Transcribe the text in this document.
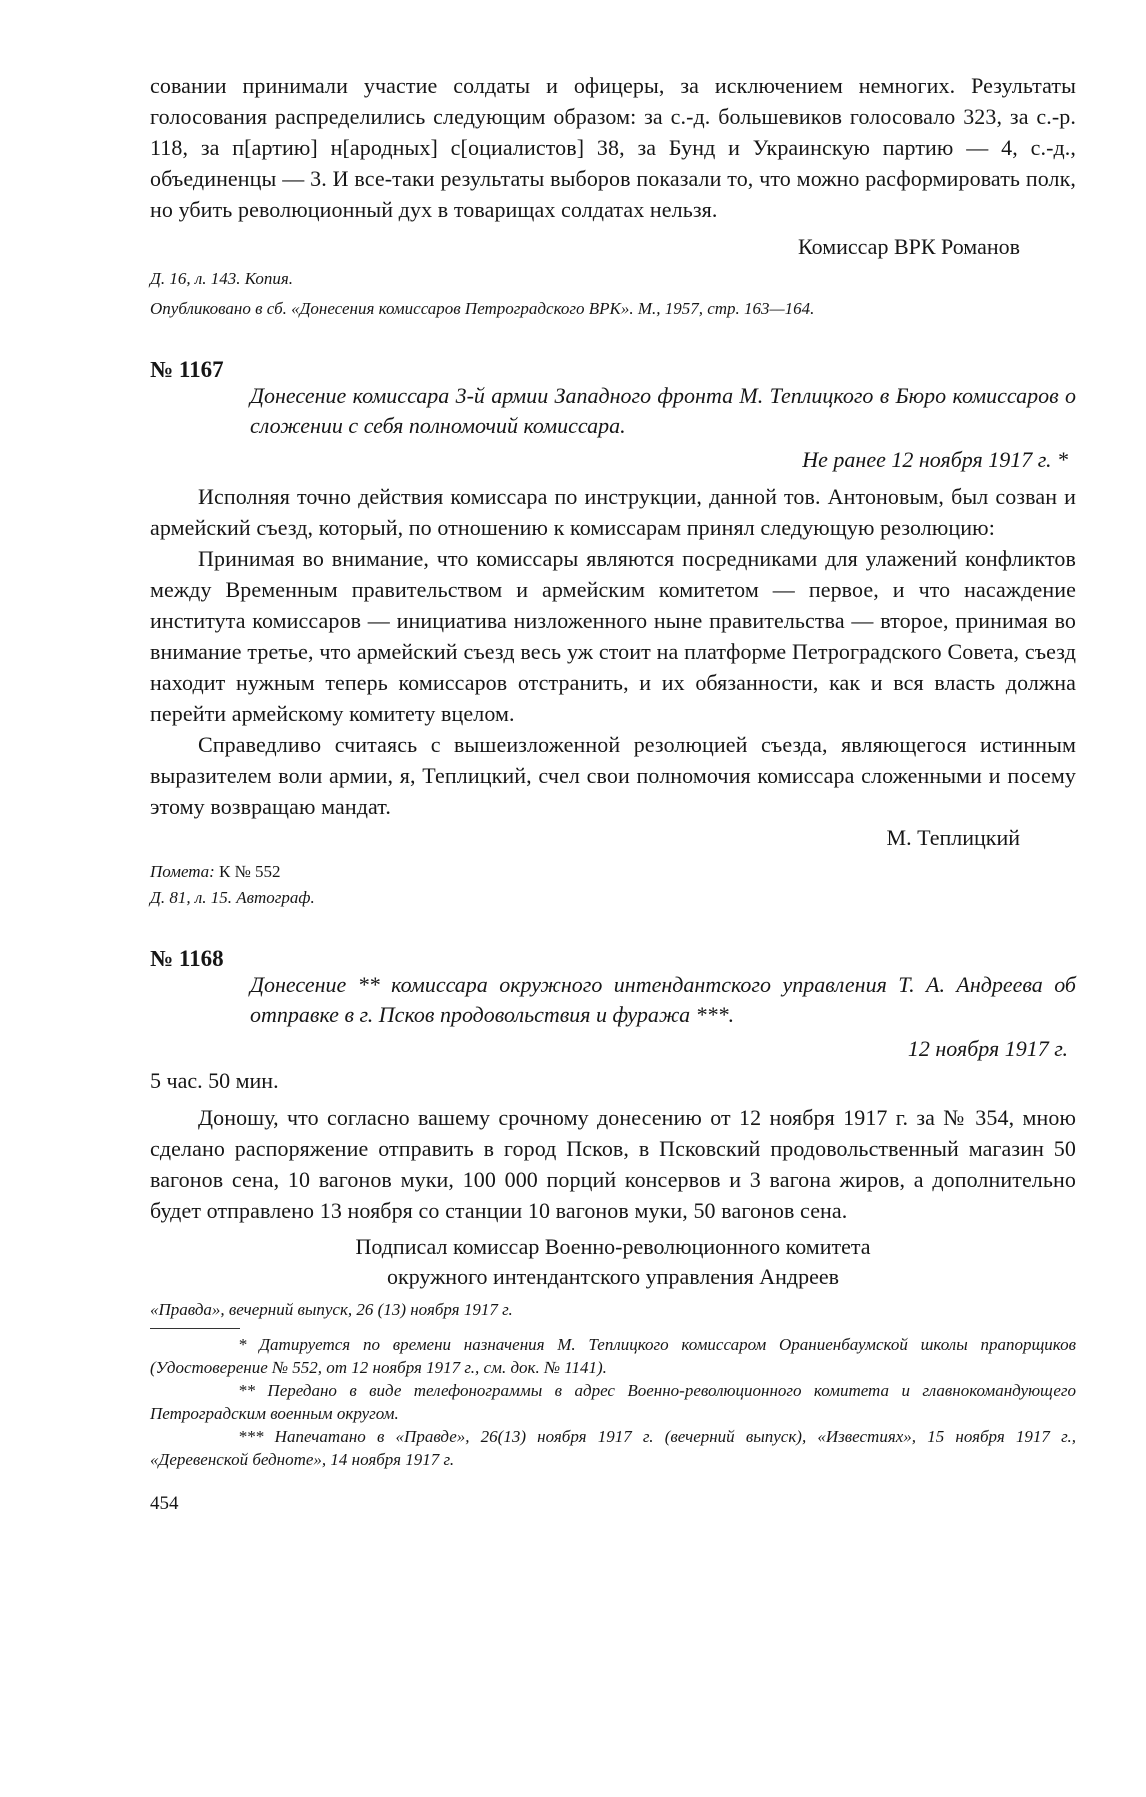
совании принимали участие солдаты и офицеры, за исключением немногих. Результаты голосования распределились следующим образом: за с.-д. большевиков голосовало 323, за с.-р. 118, за п[артию] н[ародных] с[оциалистов] 38, за Бунд и Украинскую партию — 4, с.-д., объединенцы — 3. И все-таки результаты выборов показали то, что можно расформировать полк, но убить революционный дух в товарищах солдатах нельзя.

Комиссар ВРК Романов

Д. 16, л. 143. Копия.

Опубликовано в сб. «Донесения комиссаров Петроградского ВРК». М., 1957, стр. 163—164.

№ 1167

Донесение комиссара 3-й армии Западного фронта М. Теплицкого в Бюро комиссаров о сложении с себя полномочий комиссара.

Не ранее 12 ноября 1917 г. *

Исполняя точно действия комиссара по инструкции, данной тов. Антоновым, был созван и армейский съезд, который, по отношению к комиссарам принял следующую резолюцию:

Принимая во внимание, что комиссары являются посредниками для улажений конфликтов между Временным правительством и армейским комитетом — первое, и что насаждение института комиссаров — инициатива низложенного ныне правительства — второе, принимая во внимание третье, что армейский съезд весь уж стоит на платформе Петроградского Совета, съезд находит нужным теперь комиссаров отстранить, и их обязанности, как и вся власть должна перейти армейскому комитету вцелом.

Справедливо считаясь с вышеизложенной резолюцией съезда, являющегося истинным выразителем воли армии, я, Теплицкий, счел свои полномочия комиссара сложенными и посему этому возвращаю мандат.

М. Теплицкий

Пометa: К № 552

Д. 81, л. 15. Автограф.

№ 1168

Донесение ** комиссара окружного интендантского управления Т. А. Андреева об отправке в г. Псков продовольствия и фуража ***.

12 ноября 1917 г.

5 час. 50 мин.

Доношу, что согласно вашему срочному донесению от 12 ноября 1917 г. за № 354, мною сделано распоряжение отправить в город Псков, в Псковский продовольственный магазин 50 вагонов сена, 10 вагонов муки, 100 000 порций консервов и 3 вагона жиров, а дополнительно будет отправлено 13 ноября со станции 10 вагонов муки, 50 вагонов сена.

Подписал комиссар Военно-революционного комитета

окружного интендантского управления Андреев

«Правда», вечерний выпуск, 26 (13) ноября 1917 г.

* Датируется по времени назначения М. Теплицкого комиссаром Ораниенбаумской школы прапорщиков (Удостоверение № 552, от 12 ноября 1917 г., см. док. № 1141).

** Передано в виде телефонограммы в адрес Военно-революционного комитета и главнокомандующего Петроградским военным округом.

*** Напечатано в «Правде», 26(13) ноября 1917 г. (вечерний выпуск), «Известиях», 15 ноября 1917 г., «Деревенской бедноте», 14 ноября 1917 г.

454
